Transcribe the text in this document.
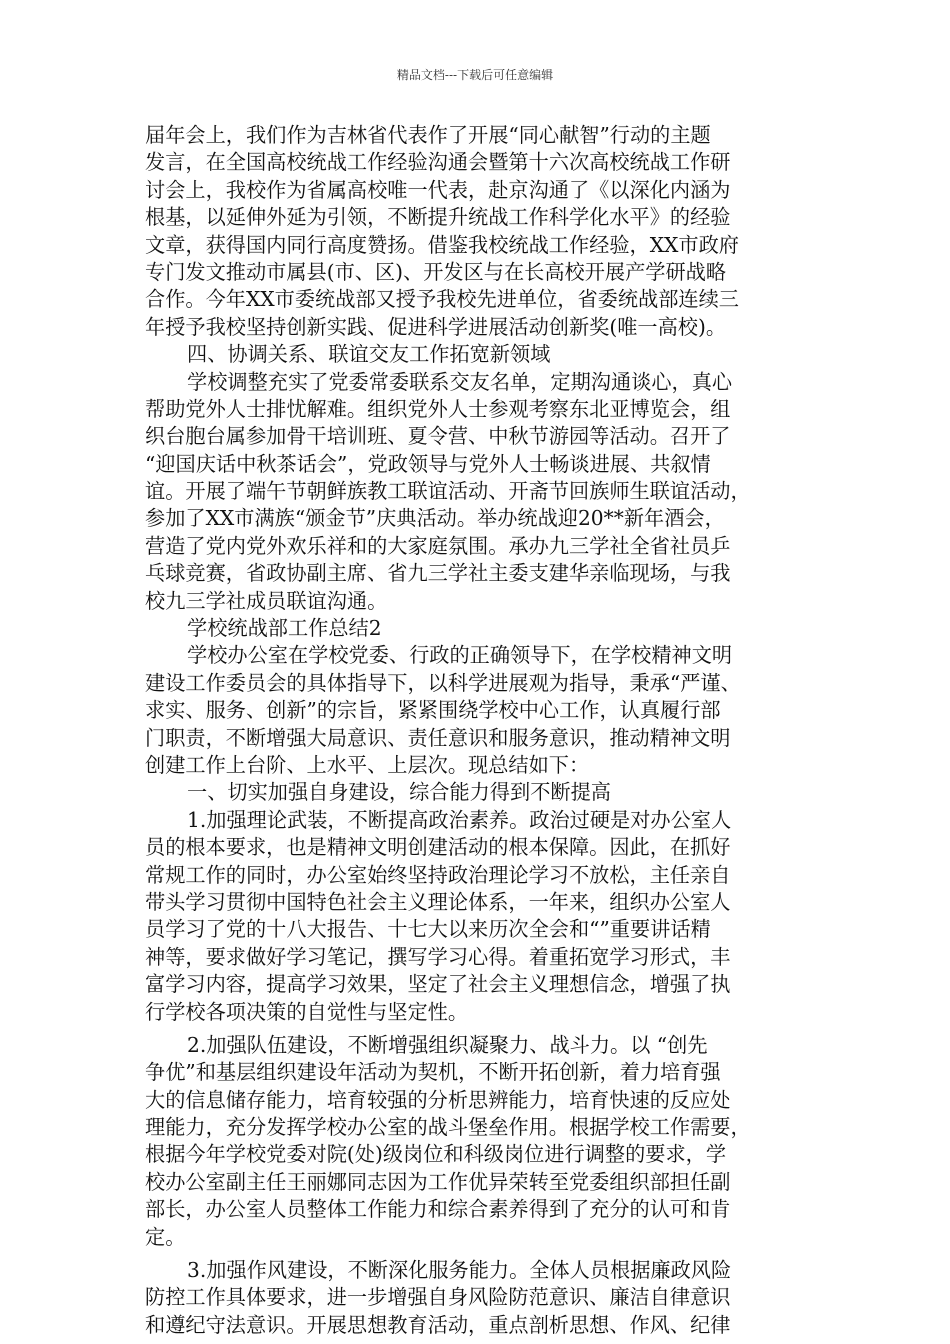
精品文档---下载后可任意编辑
届年会上，我们作为吉林省代表作了开展“同心献智”行动的主题
发言，在全国高校统战工作经验沟通会暨第十六次高校统战工作研
讨会上，我校作为省属高校唯一代表，赴京沟通了《以深化内涵为
根基，以延伸外延为引领，不断提升统战工作科学化水平》的经验
文章，获得国内同行高度赞扬。借鉴我校统战工作经验，XX市政府
专门发文推动市属县(市、区)、开发区与在长高校开展产学研战略
合作。今年XX市委统战部又授予我校先进单位，省委统战部连续三
年授予我校坚持创新实践、促进科学进展活动创新奖(唯一高校)。
四、协调关系、联谊交友工作拓宽新领域
学校调整充实了党委常委联系交友名单，定期沟通谈心，真心
帮助党外人士排忧解难。组织党外人士参观考察东北亚博览会，组
织台胞台属参加骨干培训班、夏令营、中秋节游园等活动。召开了
“迎国庆话中秋茶话会”，党政领导与党外人士畅谈进展、共叙情
谊。开展了端午节朝鲜族教工联谊活动、开斋节回族师生联谊活动，
参加了XX市满族“颁金节”庆典活动。举办统战迎20**新年酒会，
营造了党内党外欢乐祥和的大家庭氛围。承办九三学社全省社员乒
乓球竞赛，省政协副主席、省九三学社主委支建华亲临现场，与我
校九三学社成员联谊沟通。
学校统战部工作总结2
学校办公室在学校党委、行政的正确领导下，在学校精神文明
建设工作委员会的具体指导下，以科学进展观为指导，秉承“严谨、
求实、服务、创新”的宗旨，紧紧围绕学校中心工作，认真履行部
门职责，不断增强大局意识、责任意识和服务意识，推动精神文明
创建工作上台阶、上水平、上层次。现总结如下：
一、切实加强自身建设，综合能力得到不断提高
1.加强理论武装，不断提高政治素养。政治过硬是对办公室人
员的根本要求，也是精神文明创建活动的根本保障。因此，在抓好
常规工作的同时，办公室始终坚持政治理论学习不放松，主任亲自
带头学习贯彻中国特色社会主义理论体系，一年来，组织办公室人
员学习了党的十八大报告、十七大以来历次全会和“”重要讲话精
神等，要求做好学习笔记，撰写学习心得。着重拓宽学习形式，丰
富学习内容，提高学习效果，坚定了社会主义理想信念，增强了执
行学校各项决策的自觉性与坚定性。
2.加强队伍建设，不断增强组织凝聚力、战斗力。以 “创先
争优”和基层组织建设年活动为契机，不断开拓创新，着力培育强
大的信息储存能力，培育较强的分析思辨能力，培育快速的反应处
理能力，充分发挥学校办公室的战斗堡垒作用。根据学校工作需要，
根据今年学校党委对院(处)级岗位和科级岗位进行调整的要求，学
校办公室副主任王丽娜同志因为工作优异荣转至党委组织部担任副
部长，办公室人员整体工作能力和综合素养得到了充分的认可和肯
定。
3.加强作风建设，不断深化服务能力。全体人员根据廉政风险
防控工作具体要求，进一步增强自身风险防范意识、廉洁自律意识
和遵纪守法意识。开展思想教育活动，重点剖析思想、作风、纪律
